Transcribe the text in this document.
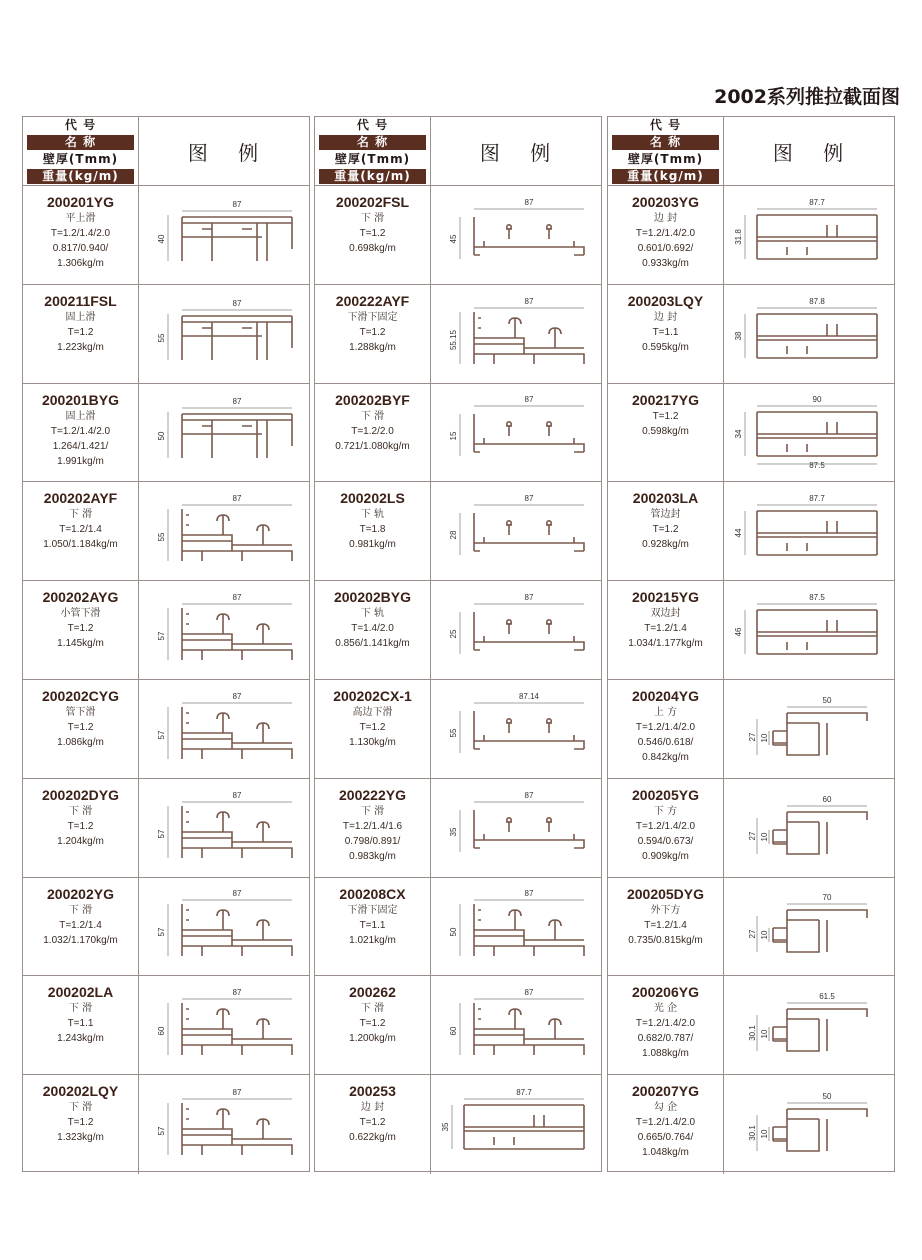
2002系列推拉截面图
代 号
名 称
壁厚(Tmm)
重量(kg/m)
图 例
200201YG
平上滑
T=1.2/1.4/2.0
0.817/0.940/
1.306kg/m
87
40
200211FSL
固上滑
T=1.2
1.223kg/m
87
55
200201BYG
固上滑
T=1.2/1.4/2.0
1.264/1.421/
1.991kg/m
87
50
200202AYF
下 滑
T=1.2/1.4
1.050/1.184kg/m
87
55
200202AYG
小管下滑
T=1.2
1.145kg/m
87
57
200202CYG
管下滑
T=1.2
1.086kg/m
87
57
200202DYG
下 滑
T=1.2
1.204kg/m
87
57
200202YG
下 滑
T=1.2/1.4
1.032/1.170kg/m
87
57
200202LA
下 滑
T=1.1
1.243kg/m
87
60
200202LQY
下 滑
T=1.2
1.323kg/m
87
57
代 号
名 称
壁厚(Tmm)
重量(kg/m)
图 例
200202FSL
下 滑
T=1.2
0.698kg/m
87
45
200222AYF
下滑下固定
T=1.2
1.288kg/m
87
55.15
200202BYF
下 滑
T=1.2/2.0
0.721/1.080kg/m
87
15
200202LS
下 轨
T=1.8
0.981kg/m
87
28
200202BYG
下 轨
T=1.4/2.0
0.856/1.141kg/m
87
25
200202CX-1
高边下滑
T=1.2
1.130kg/m
87.14
55
200222YG
下 滑
T=1.2/1.4/1.6
0.798/0.891/
0.983kg/m
87
35
200208CX
下滑下固定
T=1.1
1.021kg/m
87
50
200262
下 滑
T=1.2
1.200kg/m
87
60
200253
边 封
T=1.2
0.622kg/m
87.7
35
代 号
名 称
壁厚(Tmm)
重量(kg/m)
图 例
200203YG
边 封
T=1.2/1.4/2.0
0.601/0.692/
0.933kg/m
87.7
31.8
200203LQY
边 封
T=1.1
0.595kg/m
87.8
38
200217YG
T=1.2
0.598kg/m
90
34
87.5
200203LA
管边封
T=1.2
0.928kg/m
87.7
44
200215YG
双边封
T=1.2/1.4
1.034/1.177kg/m
87.5
46
200204YG
上 方
T=1.2/1.4/2.0
0.546/0.618/
0.842kg/m
50
27 10
200205YG
下 方
T=1.2/1.4/2.0
0.594/0.673/
0.909kg/m
60
27 10
200205DYG
外下方
T=1.2/1.4
0.735/0.815kg/m
70
27 10
200206YG
光 企
T=1.2/1.4/2.0
0.682/0.787/
1.088kg/m
61.5
30.1 10
200207YG
勾 企
T=1.2/1.4/2.0
0.665/0.764/
1.048kg/m
50
30.1 10
